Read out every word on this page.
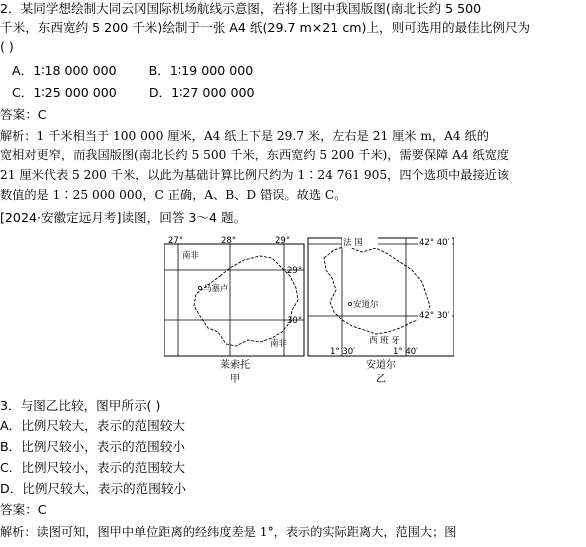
2．某同学想绘制大同云冈国际机场航线示意图，若将上图中我国版图(南北长约 5 500
千米，东西宽约 5 200 千米)绘制于一张 A4 纸(29.7 m×21 cm)上，则可选用的最佳比例尺为
( )
A．1∶18 000 000        B．1∶19 000 000
C．1∶25 000 000        D．1∶27 000 000
答案：C
解析：1 千米相当于 100 000 厘米，A4 纸上下是 29.7 米，左右是 21 厘米 m，A4 纸的
宽相对更窄，而我国版图(南北长约 5 500 千米，东西宽约 5 200 千米)，需要保障 A4 纸宽度
21 厘米代表 5 200 千米，以此为基础计算比例尺约为 1∶24 761 905，四个选项中最接近该
数值的是 1∶25 000 000，C 正确，A、B、D 错误。故选 C。
[2024·安徽定远月考]读图，回答 3～4 题。
27°	28°	29°
29°
30°
南非
马塞卢
南非
法 国	42° 40′
42° 30′
安道尔
西 班 牙
1° 30′	1° 40′
莱索托
甲
安道尔
乙
3．与图乙比较，图甲所示( )
A．比例尺较大，表示的范围较大
B．比例尺较小，表示的范围较小
C．比例尺较小，表示的范围较大
D．比例尺较大，表示的范围较小
答案：C
解析：读图可知，图甲中单位距离的经纬度差是 1°，表示的实际距离大，范围大；图
